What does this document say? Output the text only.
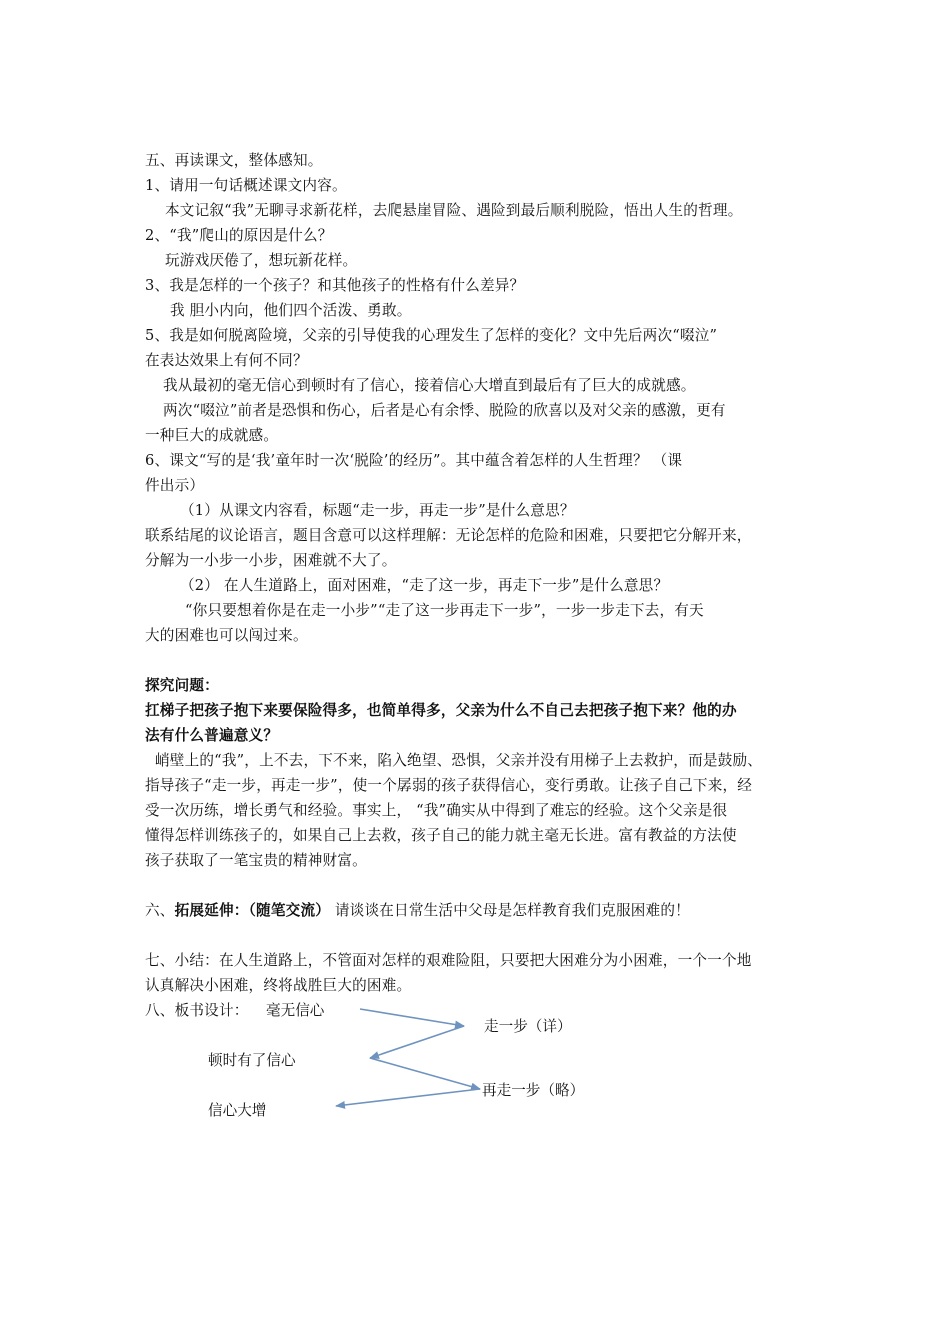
五、再读课文，整体感知。
1、请用一句话概述课文内容。
本文记叙“我”无聊寻求新花样，去爬悬崖冒险、遇险到最后顺利脱险，悟出人生的哲理。
2、“我”爬山的原因是什么？
玩游戏厌倦了，想玩新花样。
3、我是怎样的一个孩子？和其他孩子的性格有什么差异？
我 胆小内向，他们四个活泼、勇敢。
5、我是如何脱离险境，父亲的引导使我的心理发生了怎样的变化？文中先后两次“啜泣”
在表达效果上有何不同？
我从最初的毫无信心到顿时有了信心，接着信心大增直到最后有了巨大的成就感。
两次“啜泣”前者是恐惧和伤心，后者是心有余悸、脱险的欣喜以及对父亲的感激，更有
一种巨大的成就感。
6、课文“写的是‘我’童年时一次‘脱险’的经历”。其中蕴含着怎样的人生哲理？ （课
件出示）
（1）从课文内容看，标题“走一步，再走一步”是什么意思？
联系结尾的议论语言，题目含意可以这样理解：无论怎样的危险和困难，只要把它分解开来，
分解为一小步一小步，困难就不大了。
（2） 在人生道路上，面对困难，“走了这一步，再走下一步”是什么意思？
“你只要想着你是在走一小步”“走了这一步再走下一步”，一步一步走下去，有天
大的困难也可以闯过来。
探究问题：
扛梯子把孩子抱下来要保险得多，也简单得多，父亲为什么不自己去把孩子抱下来？他的办
法有什么普遍意义？
峭壁上的“我”，上不去，下不来，陷入绝望、恐惧，父亲并没有用梯子上去救护，而是鼓励、
指导孩子“走一步，再走一步”，使一个孱弱的孩子获得信心，变行勇敢。让孩子自己下来，经
受一次历练，增长勇气和经验。事实上， “我”确实从中得到了难忘的经验。这个父亲是很
懂得怎样训练孩子的，如果自己上去救，孩子自己的能力就主毫无长进。富有教益的方法使
孩子获取了一笔宝贵的精神财富。
六、拓展延伸：（随笔交流） 请谈谈在日常生活中父母是怎样教育我们克服困难的！
七、小结：在人生道路上，不管面对怎样的艰难险阻，只要把大困难分为小困难，一个一个地
认真解决小困难，终将战胜巨大的困难。
八、板书设计： 毫无信心
走一步（详）
顿时有了信心
再走一步（略）
信心大增
